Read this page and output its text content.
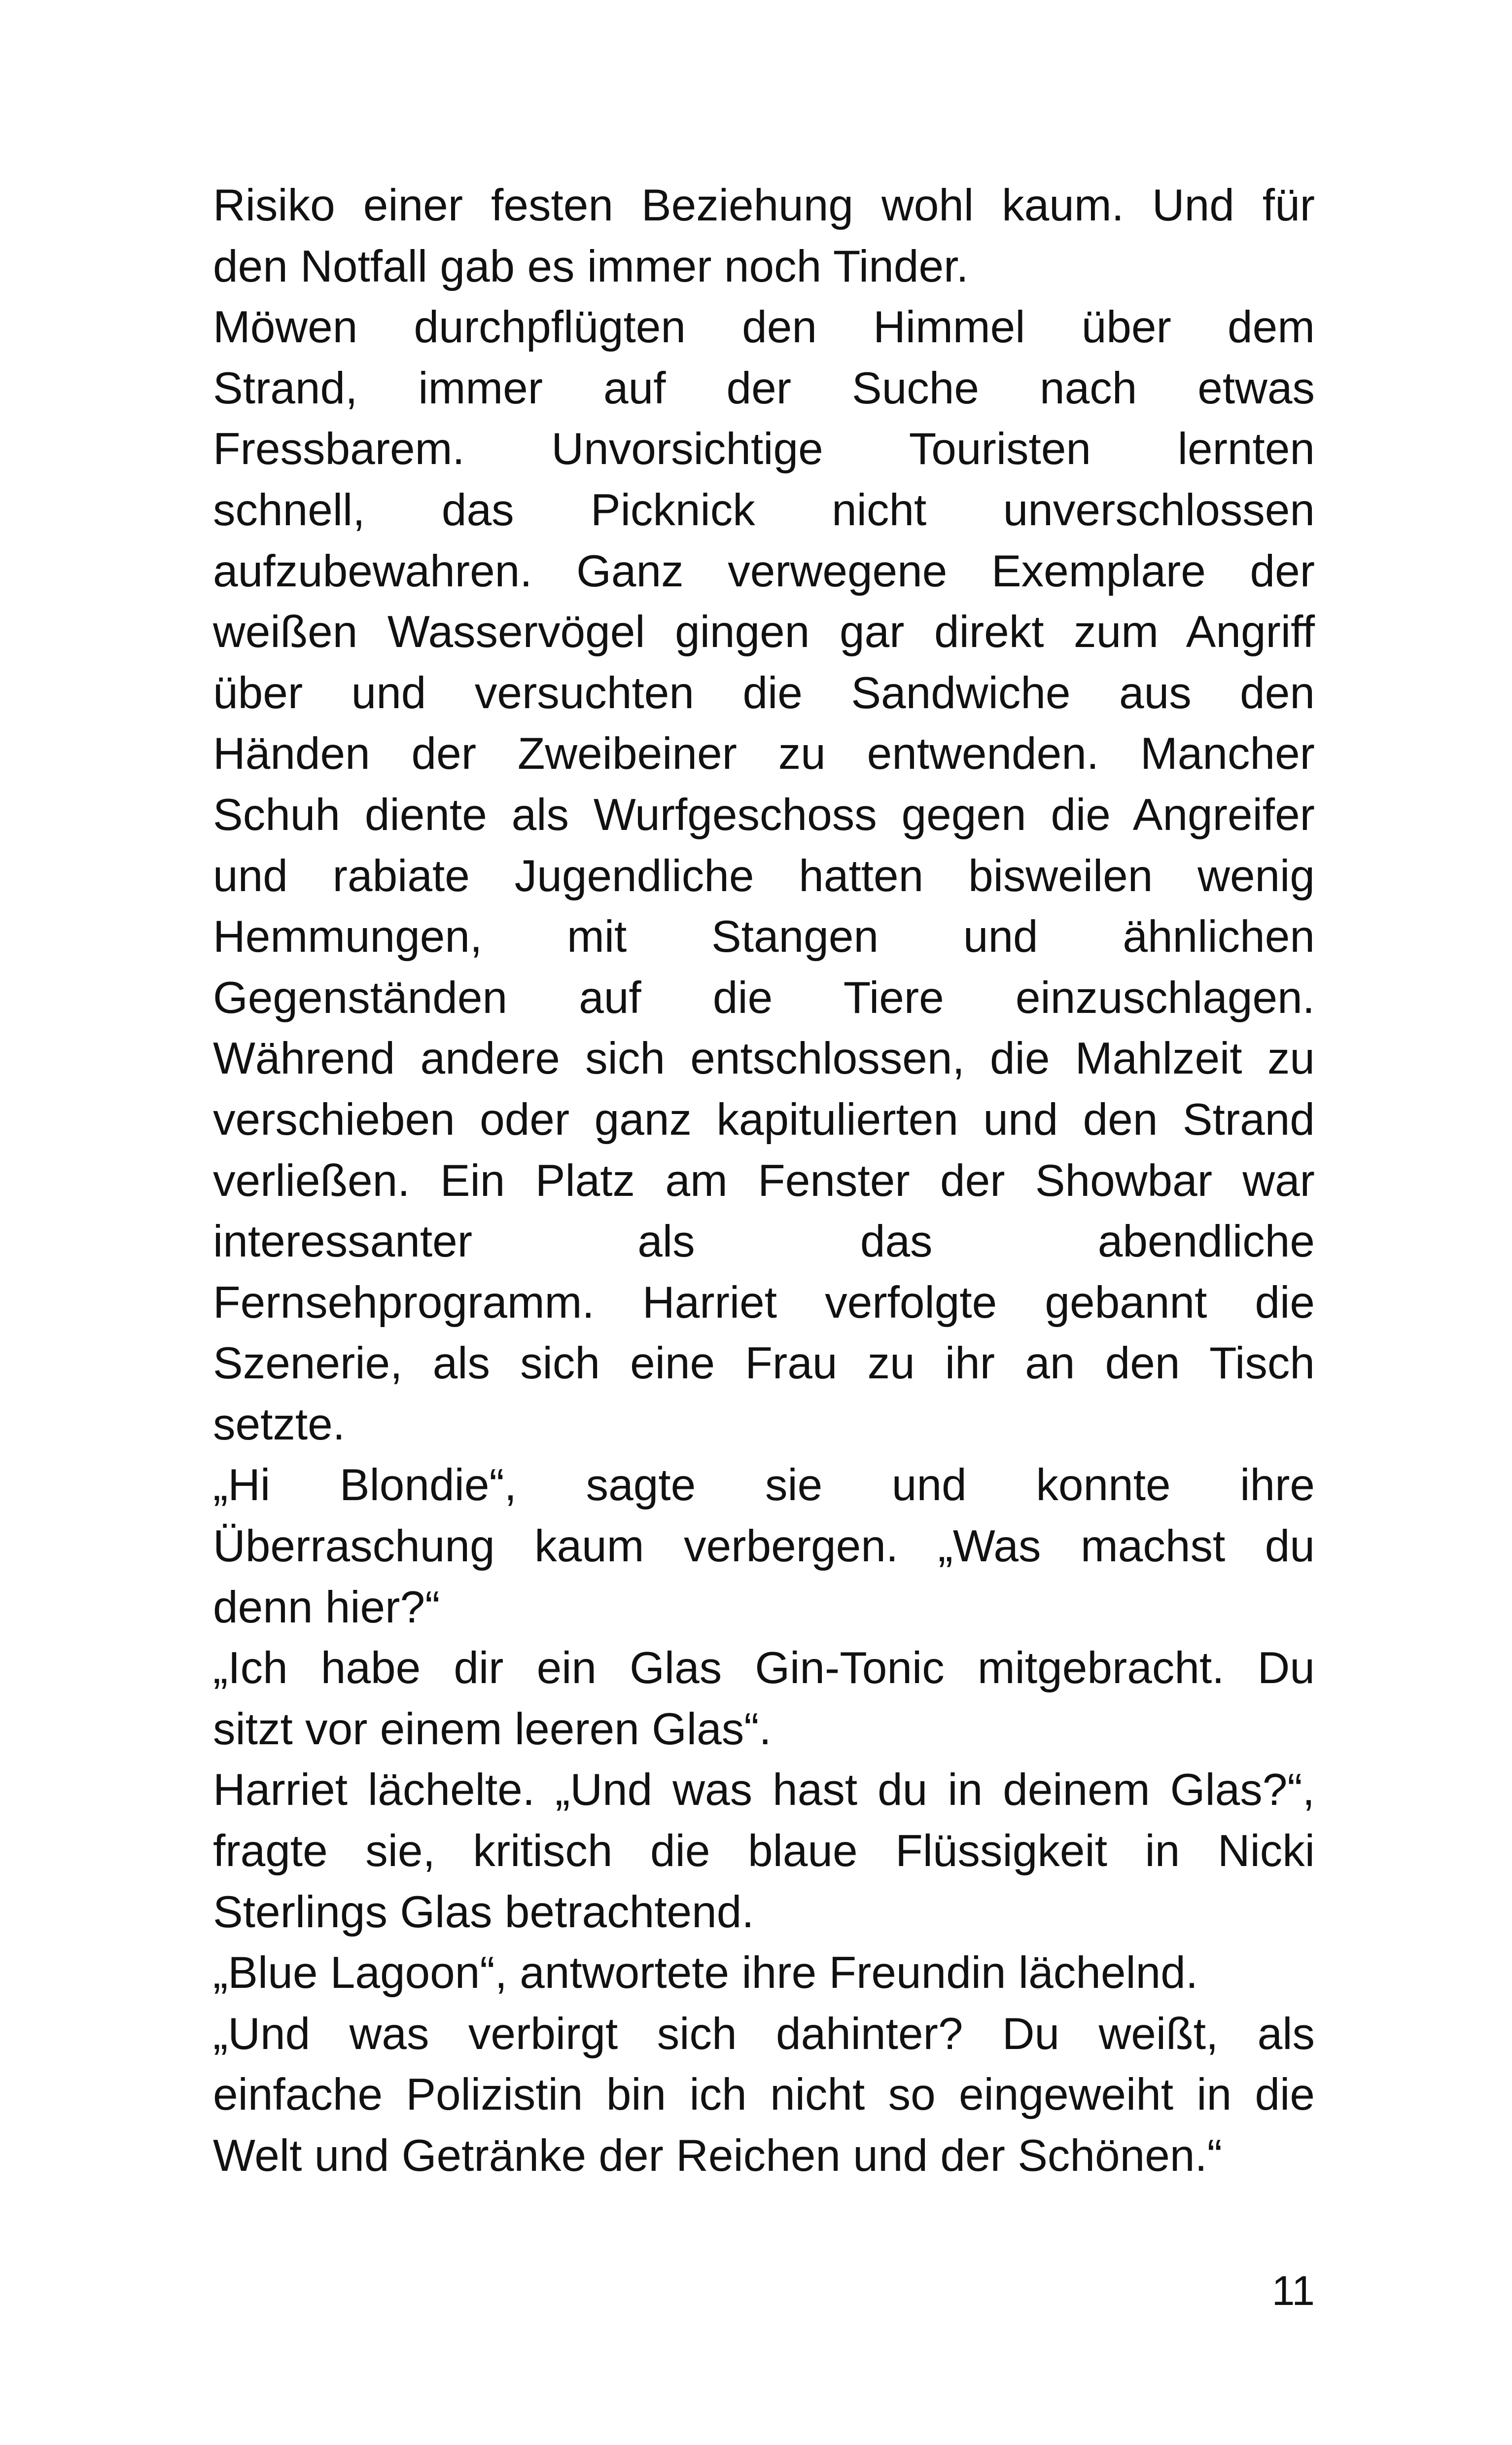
Risiko einer festen Beziehung wohl kaum. Und für
den Notfall gab es immer noch Tinder.
Möwen durchpflügten den Himmel über dem
Strand, immer auf der Suche nach etwas
Fressbarem. Unvorsichtige Touristen lernten
schnell, das Picknick nicht unverschlossen
aufzubewahren. Ganz verwegene Exemplare der
weißen Wasservögel gingen gar direkt zum Angriff
über und versuchten die Sandwiche aus den
Händen der Zweibeiner zu entwenden. Mancher
Schuh diente als Wurfgeschoss gegen die Angreifer
und rabiate Jugendliche hatten bisweilen wenig
Hemmungen, mit Stangen und ähnlichen
Gegenständen auf die Tiere einzuschlagen.
Während andere sich entschlossen, die Mahlzeit zu
verschieben oder ganz kapitulierten und den Strand
verließen. Ein Platz am Fenster der Showbar war
interessanter als das abendliche
Fernsehprogramm. Harriet verfolgte gebannt die
Szenerie, als sich eine Frau zu ihr an den Tisch
setzte.
„Hi Blondie“, sagte sie und konnte ihre
Überraschung kaum verbergen. „Was machst du
denn hier?“
„Ich habe dir ein Glas Gin-Tonic mitgebracht. Du
sitzt vor einem leeren Glas“.
Harriet lächelte. „Und was hast du in deinem Glas?“,
fragte sie, kritisch die blaue Flüssigkeit in Nicki
Sterlings Glas betrachtend.
„Blue Lagoon“, antwortete ihre Freundin lächelnd.
„Und was verbirgt sich dahinter? Du weißt, als
einfache Polizistin bin ich nicht so eingeweiht in die
Welt und Getränke der Reichen und der Schönen.“
11
